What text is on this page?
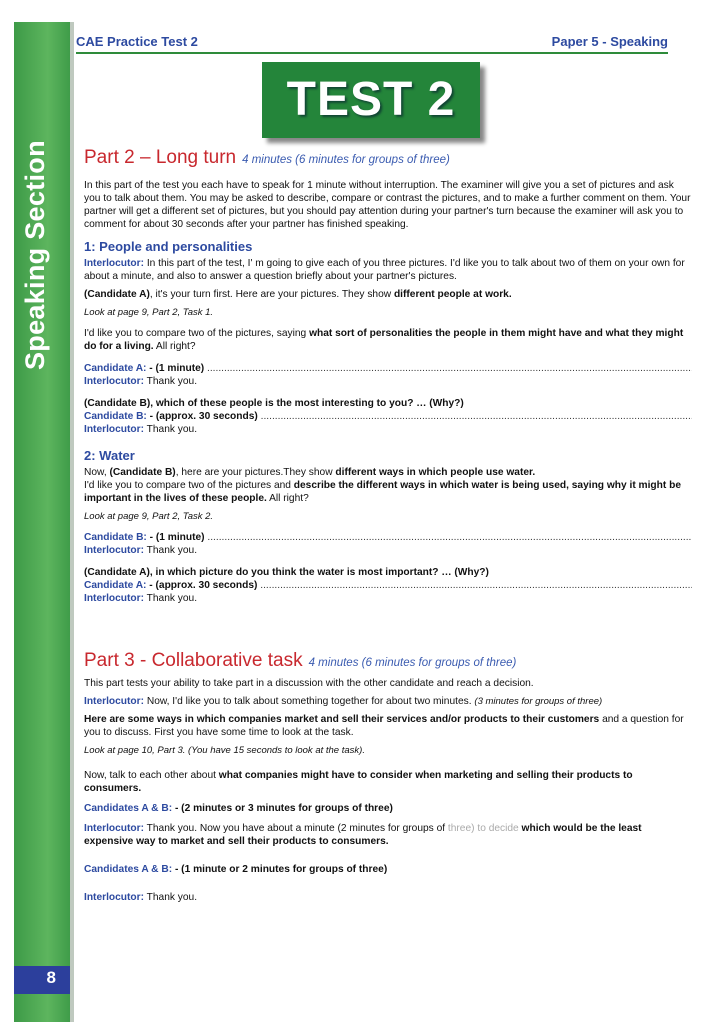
Speaking Section
8
CAE Practice Test 2	Paper 5 - Speaking
TEST 2
Part 2 – Long turn 4 minutes (6 minutes for groups of three)

In this part of the test you each have to speak for 1 minute without interruption. The examiner will give you a set of pictures and ask you to talk about them. You may be asked to describe, compare or contrast the pictures, and to make a further comment on them. Your partner will get a different set of pictures, but you should pay attention during your partner's turn because the examiner will ask you to comment for about 30 seconds after your partner has finished speaking.

1: People and personalities

Interlocutor: In this part of the test, I' m going to give each of you three pictures. I'd like you to talk about two of them on your own for about a minute, and also to answer a question briefly about your partner's pictures.

(Candidate A), it's your turn first. Here are your pictures. They show different people at work.

Look at page 9, Part 2, Task 1.

I'd like you to compare two of the pictures, saying what sort of personalities the people in them might have and what they might do for a living. All right?

Candidate A: - (1 minute) .....

Interlocutor: Thank you.

(Candidate B), which of these people is the most interesting to you? … (Why?)
Candidate B: - (approx. 30 seconds) .....

Interlocutor: Thank you.

2: Water
Now, (Candidate B), here are your pictures.They show different ways in which people use water.

I'd like you to compare two of the pictures and describe the different ways in which water is being used, saying why it might be important in the lives of these people. All right?

Look at page 9, Part 2, Task 2.

Candidate B: - (1 minute) .....

Interlocutor: Thank you.

(Candidate A), in which picture do you think the water is most important? … (Why?)
Candidate A: - (approx. 30 seconds) .....

Interlocutor: Thank you.

Part 3 - Collaborative task 4 minutes (6 minutes for groups of three)

This part tests your ability to take part in a discussion with the other candidate and reach a decision.

Interlocutor: Now, I'd like you to talk about something together for about two minutes. (3 minutes for groups of three)

Here are some ways in which companies market and sell their services and/or products to their customers and a question for you to discuss. First you have some time to look at the task.

Look at page 10, Part 3. (You have 15 seconds to look at the task).

Now, talk to each other about what companies might have to consider when marketing and selling their products to consumers.

Candidates A & B: - (2 minutes or 3 minutes for groups of three)

Interlocutor: Thank you. Now you have about a minute (2 minutes for groups of three) to decide which would be the least expensive way to market and sell their products to consumers.

Candidates A & B: - (1 minute or 2 minutes for groups of three)

Interlocutor: Thank you.
